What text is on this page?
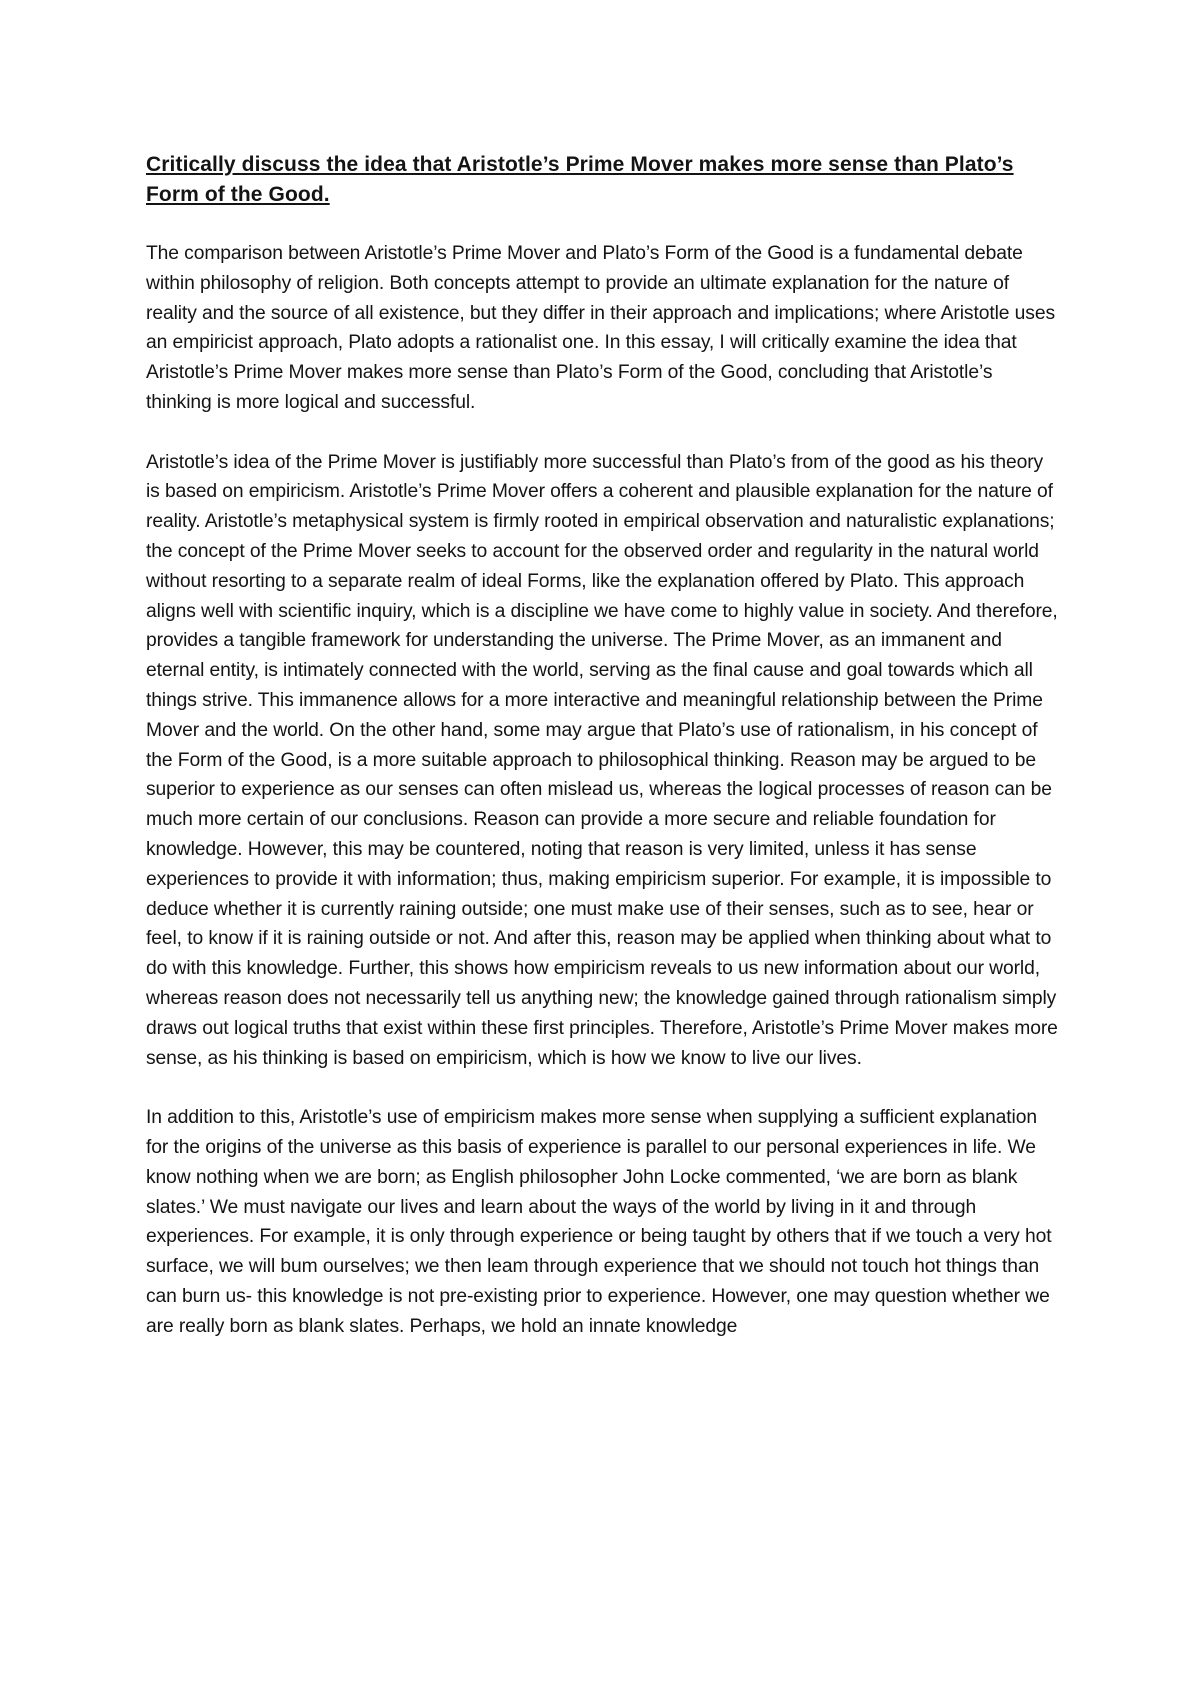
Critically discuss the idea that Aristotle’s Prime Mover makes more sense than Plato’s Form of the Good.

The comparison between Aristotle’s Prime Mover and Plato’s Form of the Good is a fundamental debate within philosophy of religion. Both concepts attempt to provide an ultimate explanation for the nature of reality and the source of all existence, but they differ in their approach and implications; where Aristotle uses an empiricist approach, Plato adopts a rationalist one. In this essay, I will critically examine the idea that Aristotle’s Prime Mover makes more sense than Plato’s Form of the Good, concluding that Aristotle’s thinking is more logical and successful.

Aristotle’s idea of the Prime Mover is justifiably more successful than Plato’s from of the good as his theory is based on empiricism. Aristotle’s Prime Mover offers a coherent and plausible explanation for the nature of reality. Aristotle’s metaphysical system is firmly rooted in empirical observation and naturalistic explanations; the concept of the Prime Mover seeks to account for the observed order and regularity in the natural world without resorting to a separate realm of ideal Forms, like the explanation offered by Plato. This approach aligns well with scientific inquiry, which is a discipline we have come to highly value in society. And therefore, provides a tangible framework for understanding the universe. The Prime Mover, as an immanent and eternal entity, is intimately connected with the world, serving as the final cause and goal towards which all things strive. This immanence allows for a more interactive and meaningful relationship between the Prime Mover and the world. On the other hand, some may argue that Plato’s use of rationalism, in his concept of the Form of the Good, is a more suitable approach to philosophical thinking. Reason may be argued to be superior to experience as our senses can often mislead us, whereas the logical processes of reason can be much more certain of our conclusions. Reason can provide a more secure and reliable foundation for knowledge. However, this may be countered, noting that reason is very limited, unless it has sense experiences to provide it with information; thus, making empiricism superior. For example, it is impossible to deduce whether it is currently raining outside; one must make use of their senses, such as to see, hear or feel, to know if it is raining outside or not. And after this, reason may be applied when thinking about what to do with this knowledge. Further, this shows how empiricism reveals to us new information about our world, whereas reason does not necessarily tell us anything new; the knowledge gained through rationalism simply draws out logical truths that exist within these first principles. Therefore, Aristotle’s Prime Mover makes more sense, as his thinking is based on empiricism, which is how we know to live our lives.

In addition to this, Aristotle’s use of empiricism makes more sense when supplying a sufficient explanation for the origins of the universe as this basis of experience is parallel to our personal experiences in life. We know nothing when we are born; as English philosopher John Locke commented, ‘we are born as blank slates.’ We must navigate our lives and learn about the ways of the world by living in it and through experiences. For example, it is only through experience or being taught by others that if we touch a very hot surface, we will bum ourselves; we then leam through experience that we should not touch hot things than can burn us- this knowledge is not pre-existing prior to experience. However, one may question whether we are really born as blank slates. Perhaps, we hold an innate knowledge
